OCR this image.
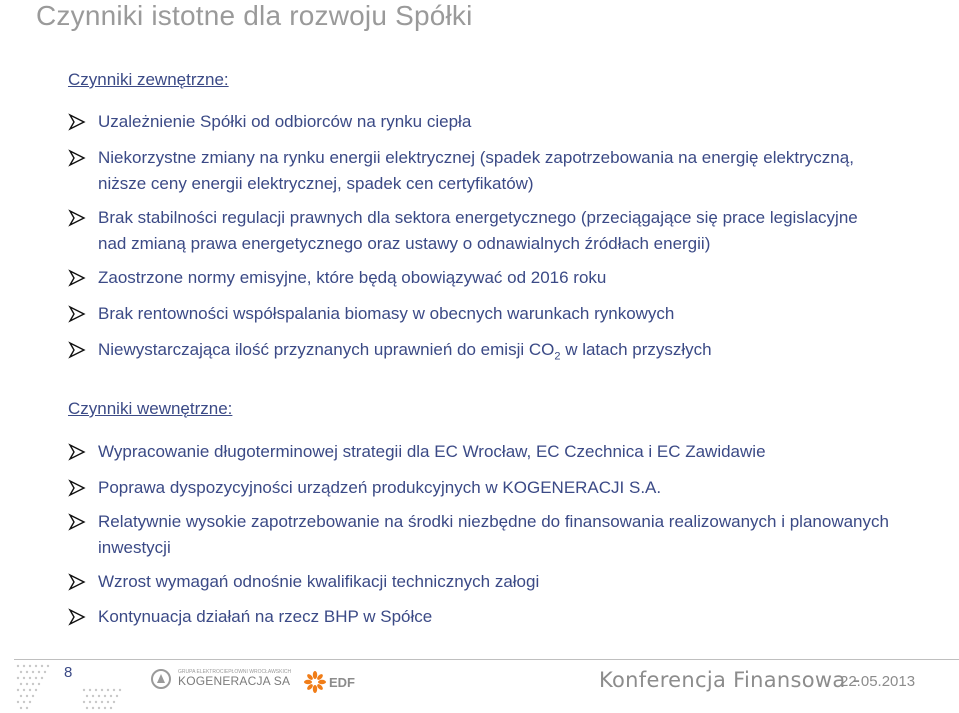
Czynniki istotne dla rozwoju Spółki
Czynniki zewnętrzne:
Uzależnienie Spółki od odbiorców na rynku ciepła
Niekorzystne zmiany na rynku energii elektrycznej (spadek zapotrzebowania na energię elektryczną, niższe ceny energii elektrycznej, spadek cen certyfikatów)
Brak stabilności regulacji prawnych dla sektora energetycznego (przeciągające się prace legislacyjne nad zmianą prawa energetycznego oraz ustawy o odnawialnych źródłach energii)
Zaostrzone normy emisyjne, które będą obowiązywać od 2016 roku
Brak rentowności współspalania biomasy w obecnych warunkach rynkowych
Niewystarczająca ilość przyznanych uprawnień do emisji $CO_2$ w latach przyszłych
Czynniki wewnętrzne:
Wypracowanie długoterminowej strategii dla EC Wrocław, EC Czechnica i EC Zawidawie
Poprawa dyspozycyjności urządzeń produkcyjnych w KOGENERACJI S.A.
Relatywnie wysokie zapotrzebowanie na środki niezbędne do finansowania realizowanych i planowanych inwestycji
Wzrost wymagań odnośnie kwalifikacji technicznych załogi
Kontynuacja działań na rzecz BHP w Spółce
8	GRUPA ELEKTROCIEPŁOWNI WROCŁAWSKICH
KOGENERACJA SA	EDF	Konferencja Finansowa -
22.05.2013
